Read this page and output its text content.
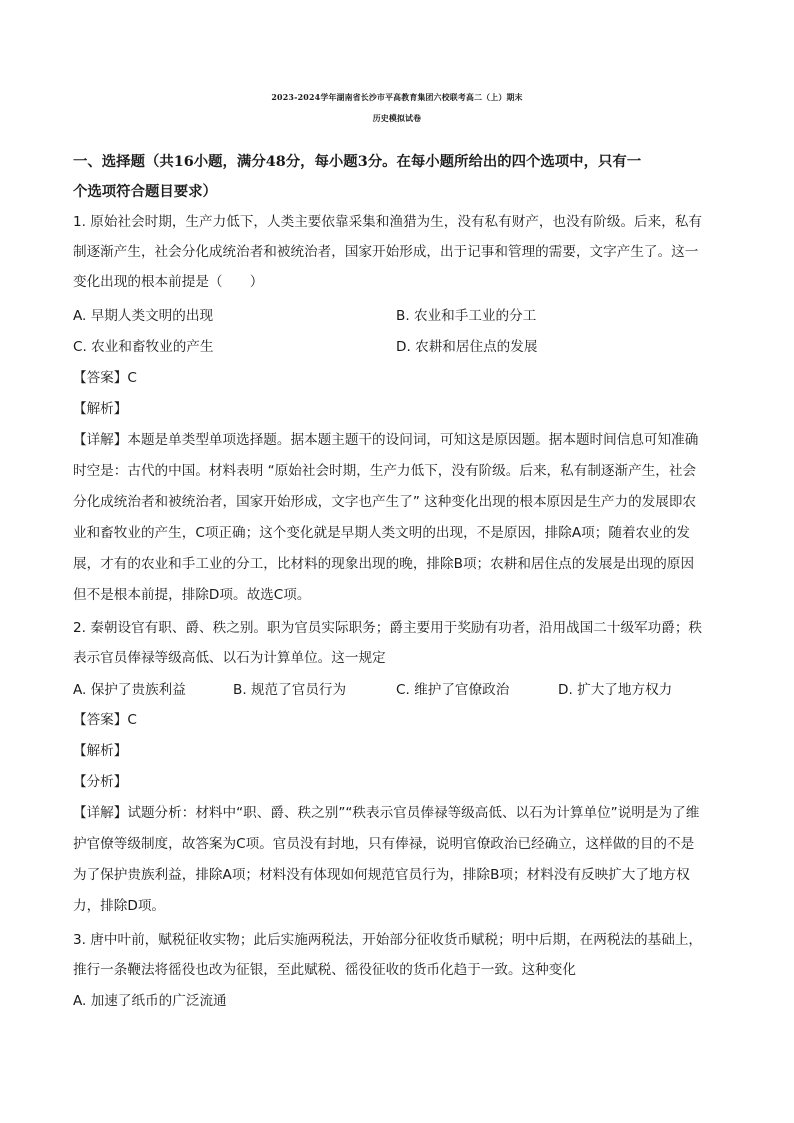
2023-2024学年湖南省长沙市平高教育集团六校联考高二（上）期末
历史模拟试卷
一、选择题（共16小题，满分48分，每小题3分。在每小题所给出的四个选项中，只有一
个选项符合题目要求）
1. 原始社会时期，生产力低下，人类主要依靠采集和渔猎为生，没有私有财产，也没有阶级。后来，私有
制逐渐产生，社会分化成统治者和被统治者，国家开始形成，出于记事和管理的需要，文字产生了。这一
变化出现的根本前提是（　　）
A. 早期人类文明的出现	B. 农业和手工业的分工
C. 农业和畜牧业的产生	D. 农耕和居住点的发展
【答案】C
【解析】
【详解】本题是单类型单项选择题。据本题主题干的设问词，可知这是原因题。据本题时间信息可知准确
时空是：古代的中国。材料表明 “原始社会时期，生产力低下，没有阶级。后来，私有制逐渐产生，社会
分化成统治者和被统治者，国家开始形成，文字也产生了” 这种变化出现的根本原因是生产力的发展即农
业和畜牧业的产生，C项正确；这个变化就是早期人类文明的出现，不是原因，排除A项；随着农业的发
展，才有的农业和手工业的分工，比材料的现象出现的晚，排除B项；农耕和居住点的发展是出现的原因
但不是根本前提，排除D项。故选C项。
2. 秦朝设官有职、爵、秩之别。职为官员实际职务；爵主要用于奖励有功者，沿用战国二十级军功爵；秩
表示官员俸禄等级高低、以石为计算单位。这一规定
A. 保护了贵族利益	B. 规范了官员行为	C. 维护了官僚政治	D. 扩大了地方权力
【答案】C
【解析】
【分析】
【详解】试题分析：材料中“职、爵、秩之别”“秩表示官员俸禄等级高低、以石为计算单位”说明是为了维
护官僚等级制度，故答案为C项。官员没有封地，只有俸禄，说明官僚政治已经确立，这样做的目的不是
为了保护贵族利益，排除A项；材料没有体现如何规范官员行为，排除B项；材料没有反映扩大了地方权
力，排除D项。
3. 唐中叶前，赋税征收实物；此后实施两税法，开始部分征收货币赋税；明中后期，在两税法的基础上，
推行一条鞭法将徭役也改为征银，至此赋税、徭役征收的货币化趋于一致。这种变化
A. 加速了纸币的广泛流通
